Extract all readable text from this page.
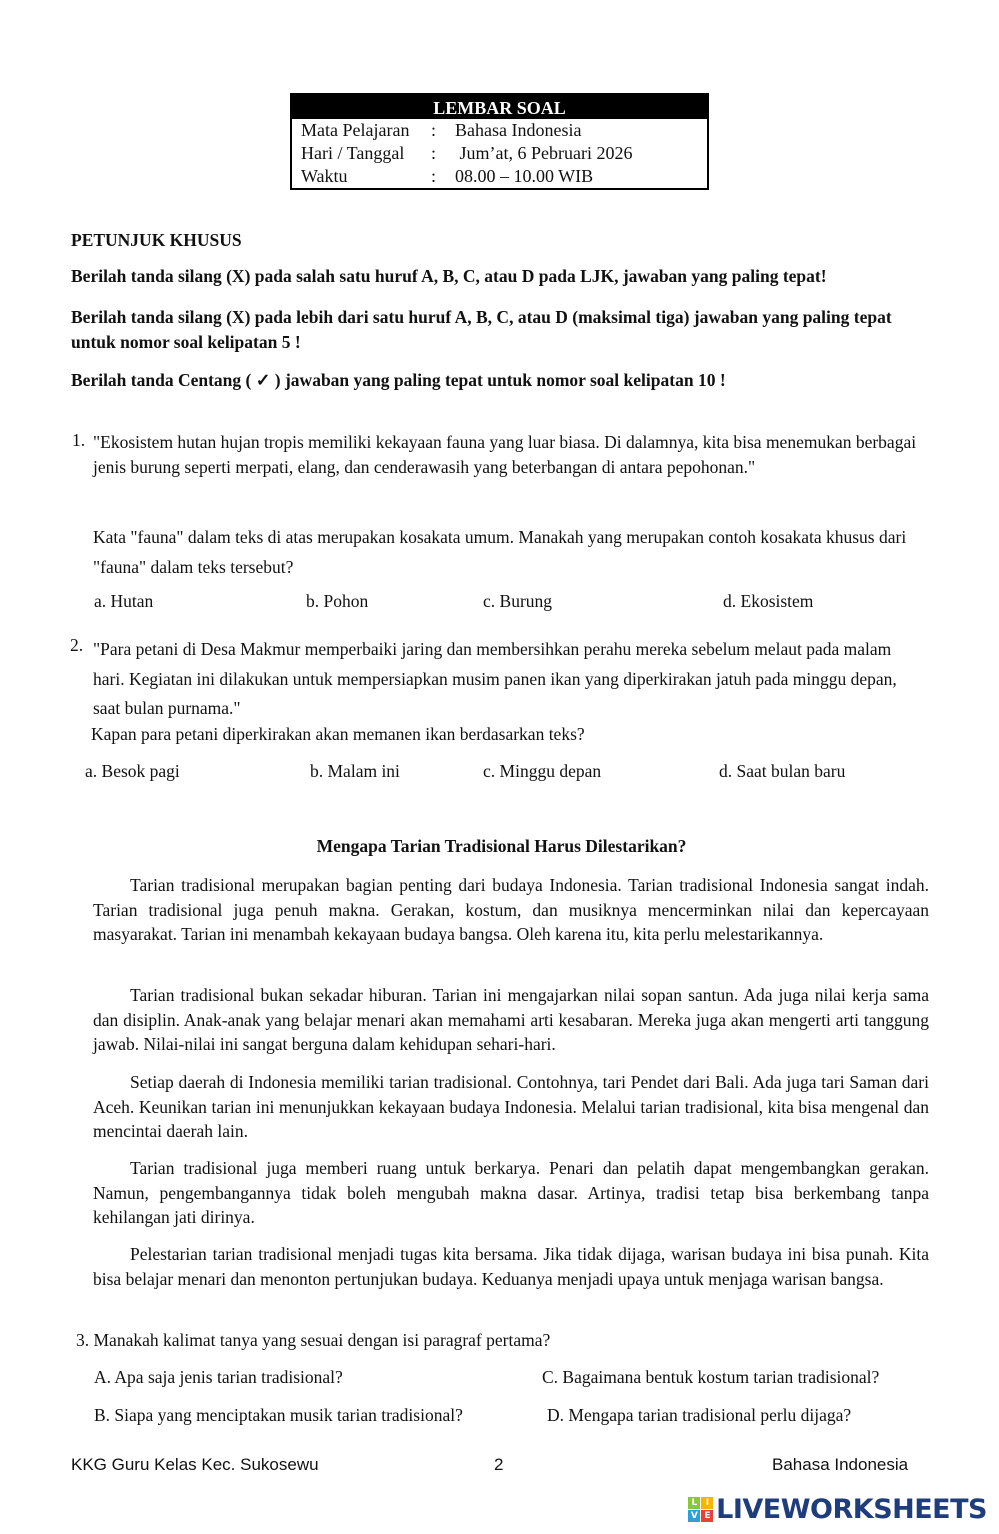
LEMBAR SOAL
Mata Pelajaran	:	Bahasa Indonesia
Hari / Tanggal	:	Jum’at, 6 Pebruari 2026
Waktu	:	08.00 – 10.00 WIB
PETUNJUK KHUSUS
Berilah tanda silang (X) pada salah satu huruf A, B, C, atau D pada LJK, jawaban yang paling tepat!
Berilah tanda silang (X) pada lebih dari satu huruf A, B, C, atau D (maksimal tiga) jawaban yang paling tepat untuk nomor soal kelipatan 5 !
Berilah tanda Centang ( ✓ ) jawaban yang paling tepat untuk nomor soal kelipatan 10 !
1. "Ekosistem hutan hujan tropis memiliki kekayaan fauna yang luar biasa. Di dalamnya, kita bisa menemukan berbagai jenis burung seperti merpati, elang, dan cenderawasih yang beterbangan di antara pepohonan."
Kata "fauna" dalam teks di atas merupakan kosakata umum. Manakah yang merupakan contoh kosakata khusus dari "fauna" dalam teks tersebut?
a. Hutan	b. Pohon	c. Burung	d. Ekosistem
2. "Para petani di Desa Makmur memperbaiki jaring dan membersihkan perahu mereka sebelum melaut pada malam hari. Kegiatan ini dilakukan untuk mempersiapkan musim panen ikan yang diperkirakan jatuh pada minggu depan, saat bulan purnama."
Kapan para petani diperkirakan akan memanen ikan berdasarkan teks?
a. Besok pagi	b. Malam ini	c. Minggu depan	d. Saat bulan baru
Mengapa Tarian Tradisional Harus Dilestarikan?
Tarian tradisional merupakan bagian penting dari budaya Indonesia. Tarian tradisional Indonesia sangat indah. Tarian tradisional juga penuh makna. Gerakan, kostum, dan musiknya mencerminkan nilai dan kepercayaan masyarakat. Tarian ini menambah kekayaan budaya bangsa. Oleh karena itu, kita perlu melestarikannya.
Tarian tradisional bukan sekadar hiburan. Tarian ini mengajarkan nilai sopan santun. Ada juga nilai kerja sama dan disiplin. Anak-anak yang belajar menari akan memahami arti kesabaran. Mereka juga akan mengerti arti tanggung jawab. Nilai-nilai ini sangat berguna dalam kehidupan sehari-hari.
Setiap daerah di Indonesia memiliki tarian tradisional. Contohnya, tari Pendet dari Bali. Ada juga tari Saman dari Aceh. Keunikan tarian ini menunjukkan kekayaan budaya Indonesia. Melalui tarian tradisional, kita bisa mengenal dan mencintai daerah lain.
Tarian tradisional juga memberi ruang untuk berkarya. Penari dan pelatih dapat mengembangkan gerakan. Namun, pengembangannya tidak boleh mengubah makna dasar. Artinya, tradisi tetap bisa berkembang tanpa kehilangan jati dirinya.
Pelestarian tarian tradisional menjadi tugas kita bersama. Jika tidak dijaga, warisan budaya ini bisa punah. Kita bisa belajar menari dan menonton pertunjukan budaya. Keduanya menjadi upaya untuk menjaga warisan bangsa.
3. Manakah kalimat tanya yang sesuai dengan isi paragraf pertama?
A. Apa saja jenis tarian tradisional?	C. Bagaimana bentuk kostum tarian tradisional?
B. Siapa yang menciptakan musik tarian tradisional?	D. Mengapa tarian tradisional perlu dijaga?
KKG Guru Kelas Kec. Sukosewu	2	Bahasa Indonesia
L I
V E LIVEWORKSHEETS
